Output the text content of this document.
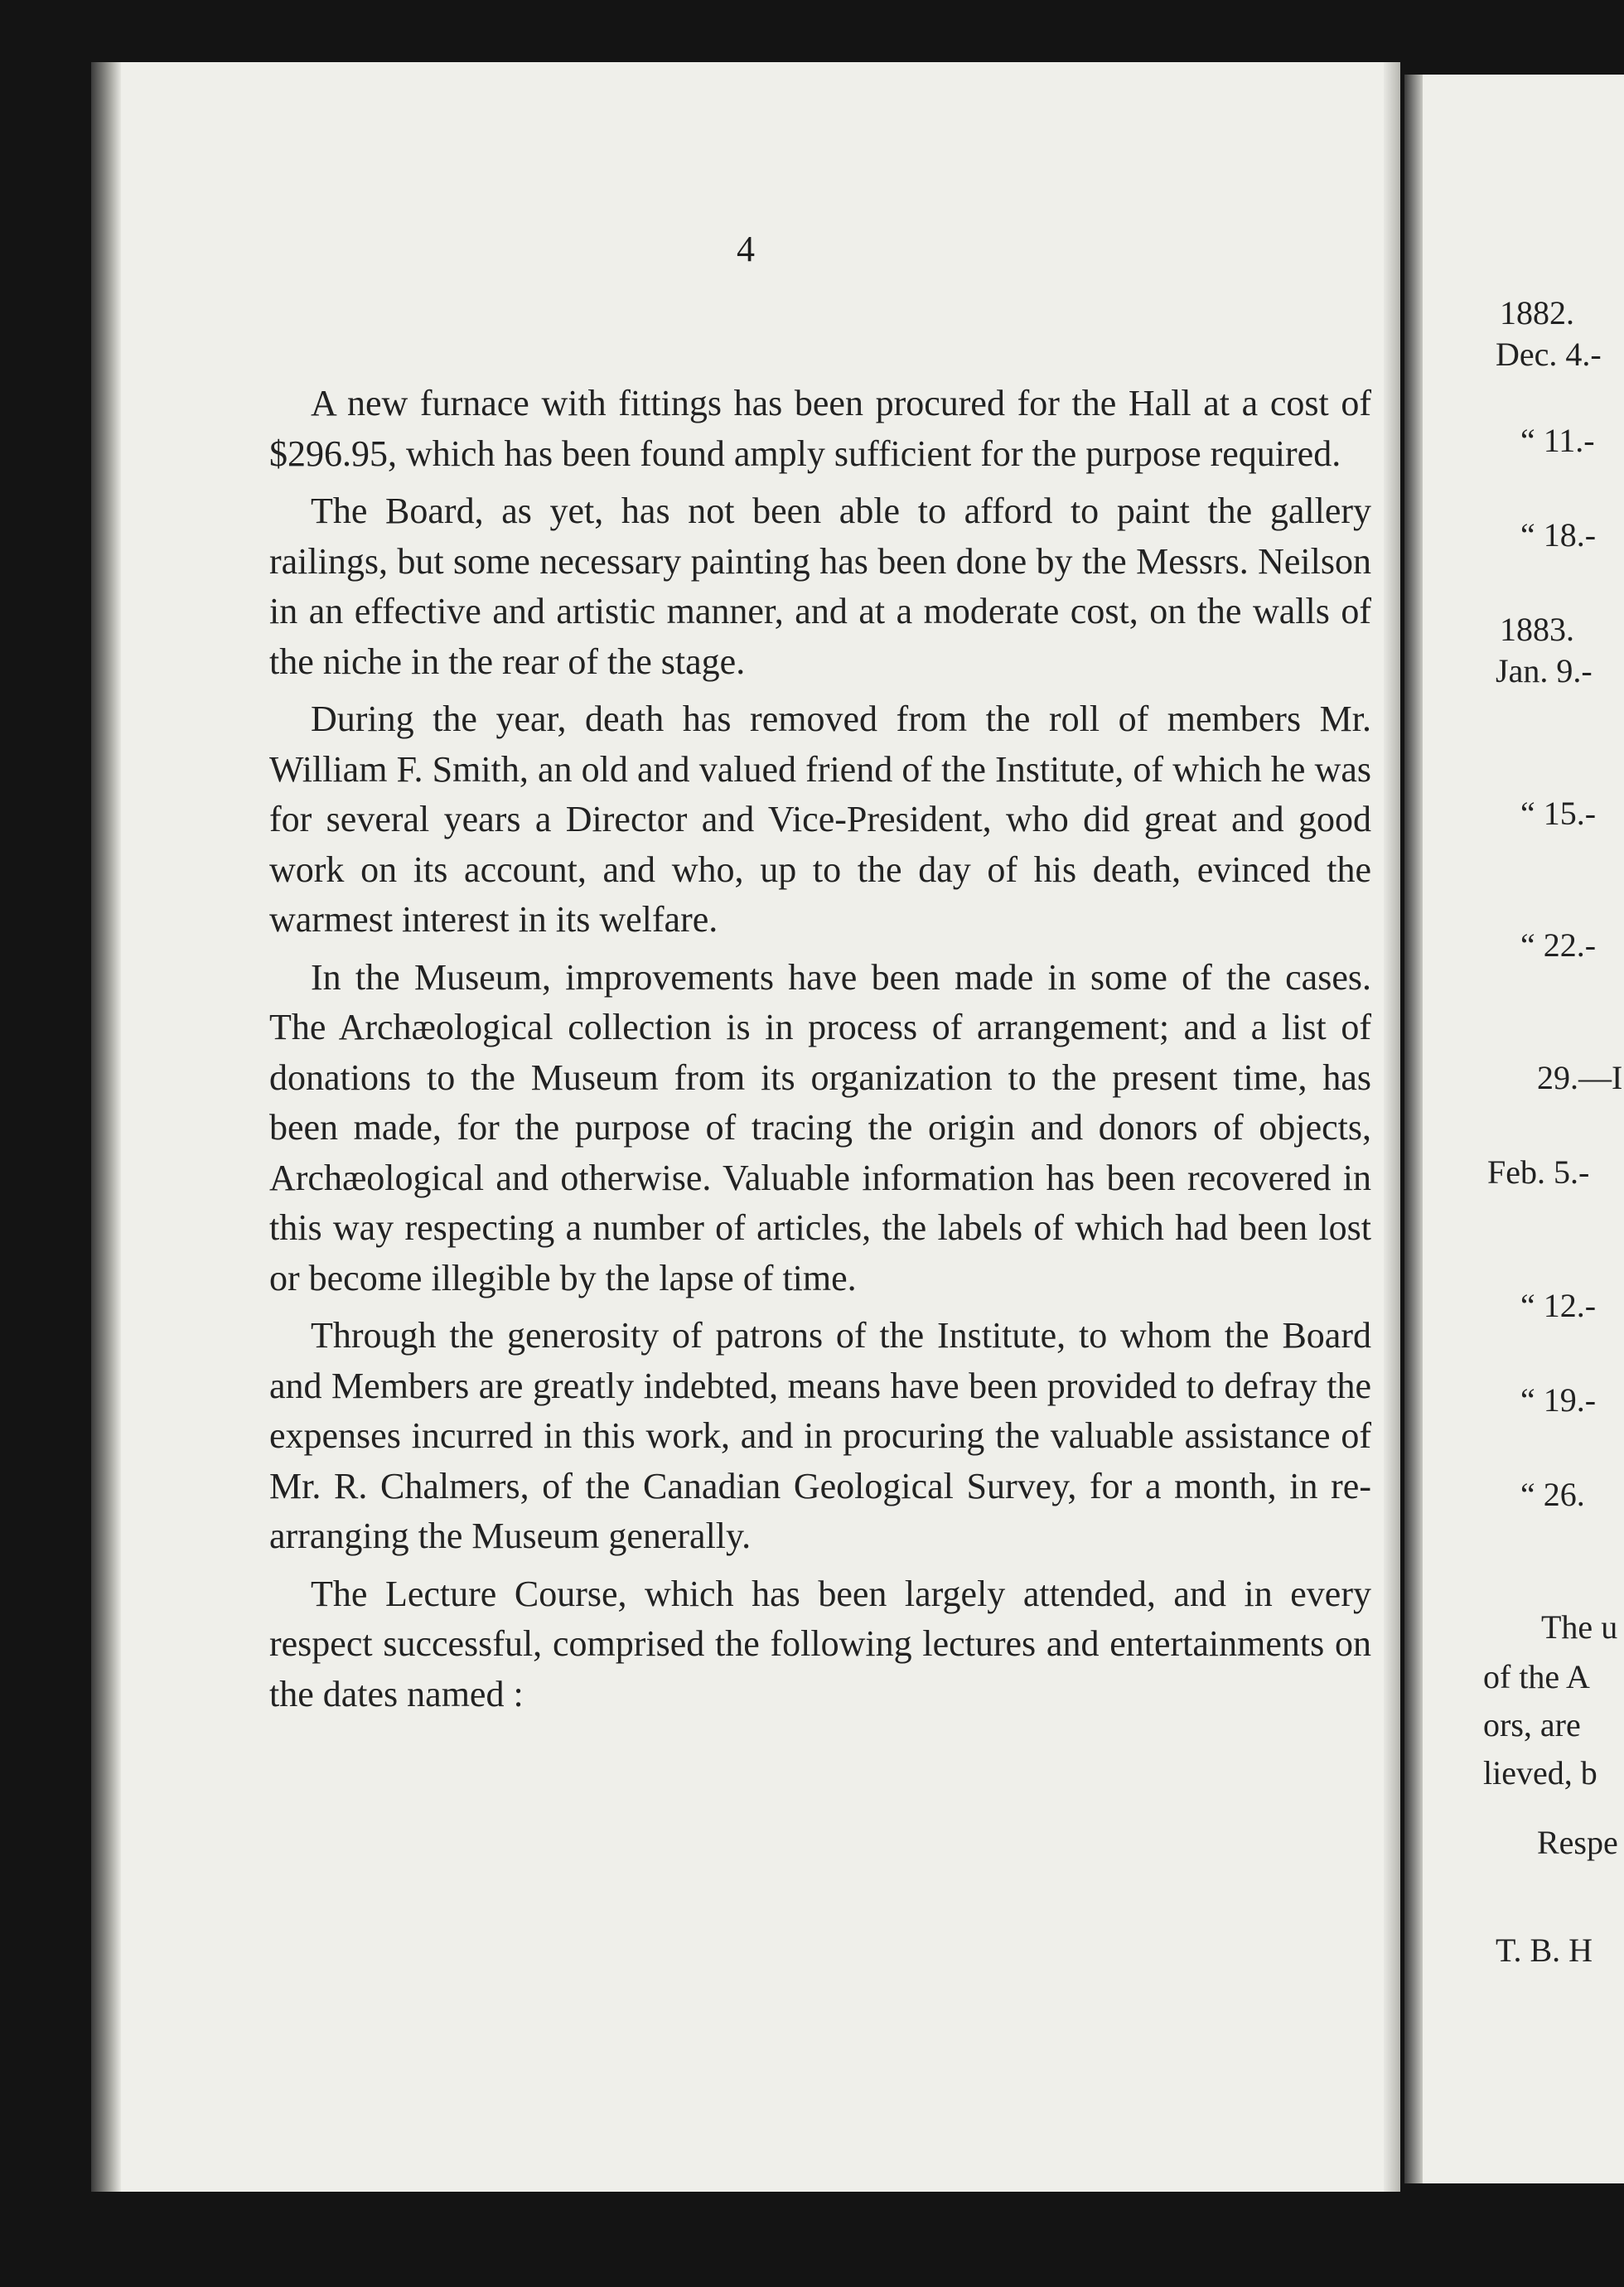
4

A new furnace with fittings has been procured for the Hall at a cost of $296.95, which has been found amply sufficient for the purpose required.

The Board, as yet, has not been able to afford to paint the gallery railings, but some necessary painting has been done by the Messrs. Neilson in an effective and artistic manner, and at a moderate cost, on the walls of the niche in the rear of the stage.

During the year, death has removed from the roll of members Mr. William F. Smith, an old and valued friend of the Institute, of which he was for several years a Director and Vice-President, who did great and good work on its account, and who, up to the day of his death, evinced the warmest interest in its welfare.

In the Museum, improvements have been made in some of the cases. The Archæological collection is in process of arrangement; and a list of donations to the Museum from its organization to the present time, has been made, for the purpose of tracing the origin and donors of objects, Archæological and otherwise. Valuable information has been recovered in this way respecting a number of articles, the labels of which had been lost or become illegible by the lapse of time.

Through the generosity of patrons of the Institute, to whom the Board and Members are greatly indebted, means have been provided to defray the expenses incurred in this work, and in procuring the valuable assistance of Mr. R. Chalmers, of the Canadian Geological Survey, for a month, in re-arranging the Museum generally.

The Lecture Course, which has been largely attended, and in every respect successful, comprised the following lectures and entertainments on the dates named :

1882.
Dec. 4.-
“ 11.-
“ 18.-
1883.
Jan. 9.-
“ 15.-
“ 22.-
29.—I
Feb. 5.-
“ 12.-
“ 19.-
“ 26.
The u
of the A
ors, are
lieved, b
Respe
T. B. H
